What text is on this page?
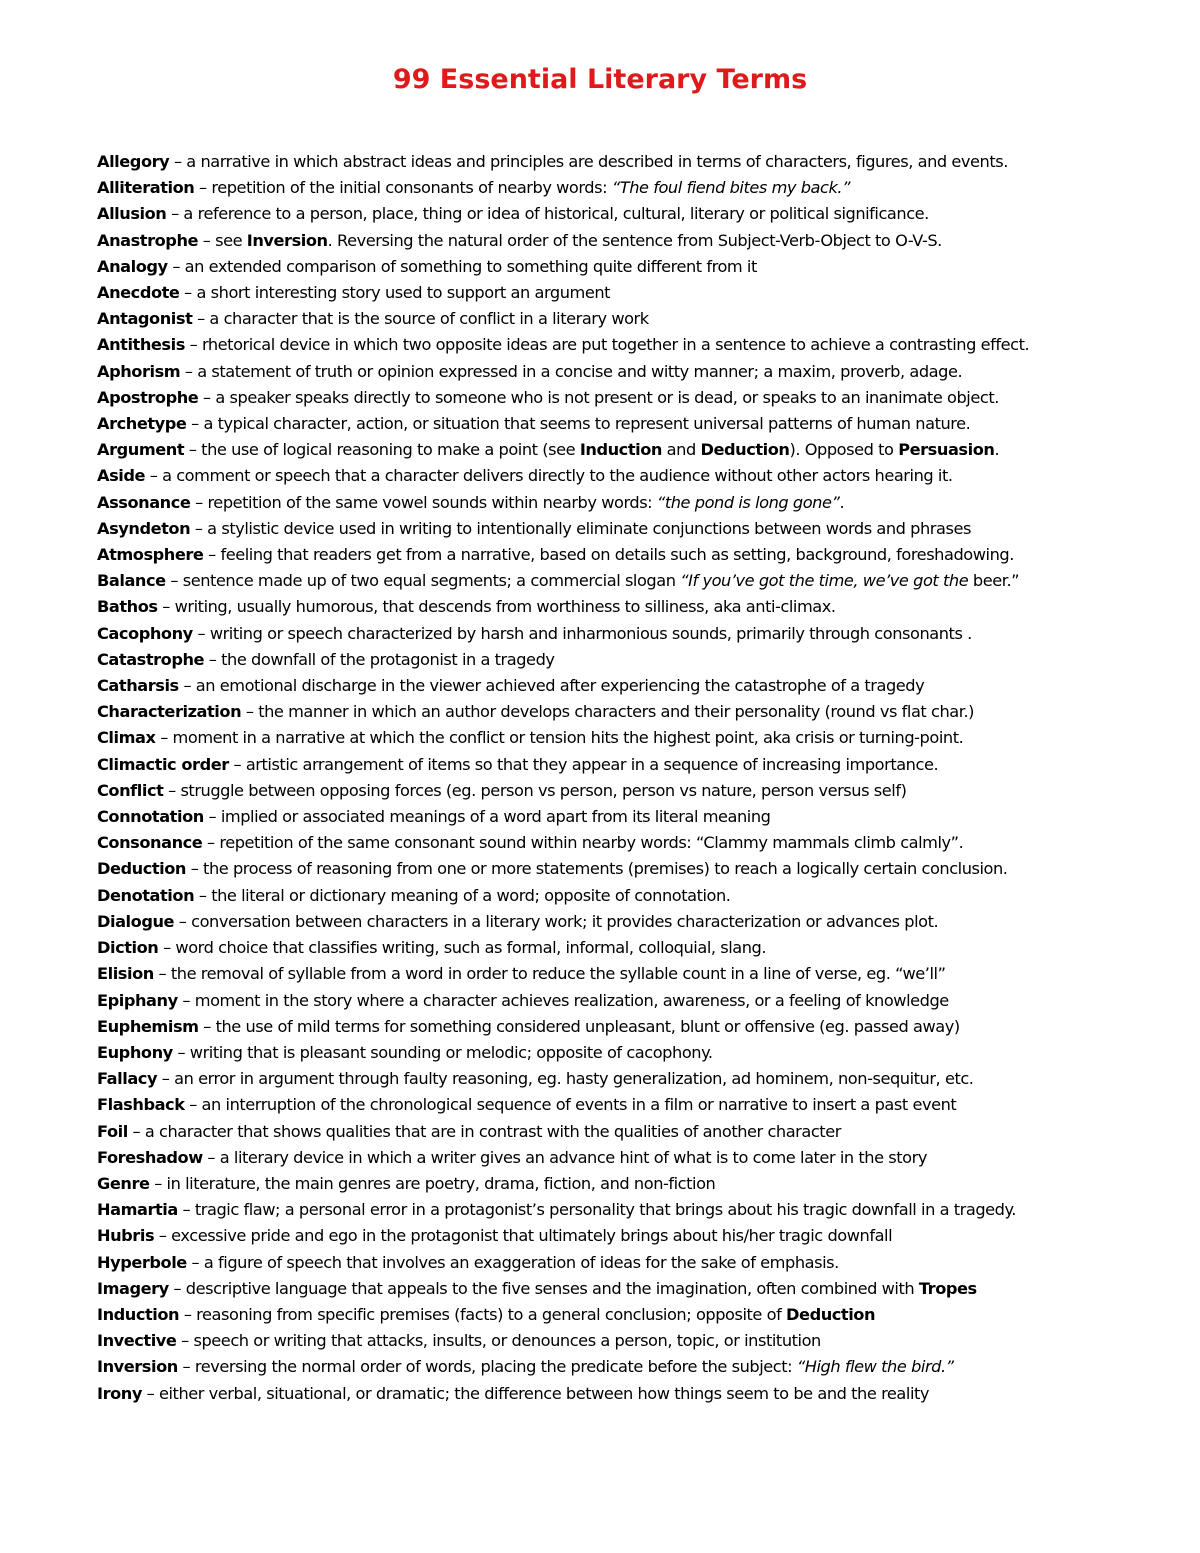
99 Essential Literary Terms
Allegory – a narrative in which abstract ideas and principles are described in terms of characters, figures, and events.
Alliteration – repetition of the initial consonants of nearby words: “The foul fiend bites my back.”
Allusion – a reference to a person, place, thing or idea of historical, cultural, literary or political significance.
Anastrophe – see Inversion. Reversing the natural order of the sentence from Subject-Verb-Object to O-V-S.
Analogy – an extended comparison of something to something quite different from it
Anecdote – a short interesting story used to support an argument
Antagonist – a character that is the source of conflict in a literary work
Antithesis – rhetorical device in which two opposite ideas are put together in a sentence to achieve a contrasting effect.
Aphorism – a statement of truth or opinion expressed in a concise and witty manner; a maxim, proverb, adage.
Apostrophe – a speaker speaks directly to someone who is not present or is dead, or speaks to an inanimate object.
Archetype – a typical character, action, or situation that seems to represent universal patterns of human nature.
Argument – the use of logical reasoning to make a point (see Induction and Deduction). Opposed to Persuasion.
Aside – a comment or speech that a character delivers directly to the audience without other actors hearing it.
Assonance – repetition of the same vowel sounds within nearby words: “the pond is long gone”.
Asyndeton – a stylistic device used in writing to intentionally eliminate conjunctions between words and phrases
Atmosphere – feeling that readers get from a narrative, based on details such as setting, background, foreshadowing.
Balance – sentence made up of two equal segments; a commercial slogan “If you’ve got the time, we’ve got the beer.”
Bathos – writing, usually humorous, that descends from worthiness to silliness, aka anti-climax.
Cacophony – writing or speech characterized by harsh and inharmonious sounds, primarily through consonants .
Catastrophe – the downfall of the protagonist in a tragedy
Catharsis – an emotional discharge in the viewer achieved after experiencing the catastrophe of a tragedy
Characterization – the manner in which an author develops characters and their personality (round vs flat char.)
Climax – moment in a narrative at which the conflict or tension hits the highest point, aka crisis or turning-point.
Climactic order – artistic arrangement of items so that they appear in a sequence of increasing importance.
Conflict – struggle between opposing forces (eg. person vs person, person vs nature, person versus self)
Connotation – implied or associated meanings of a word apart from its literal meaning
Consonance – repetition of the same consonant sound within nearby words: “Clammy mammals climb calmly”.
Deduction – the process of reasoning from one or more statements (premises) to reach a logically certain conclusion.
Denotation – the literal or dictionary meaning of a word; opposite of connotation.
Dialogue – conversation between characters in a literary work; it provides characterization or advances plot.
Diction – word choice that classifies writing, such as formal, informal, colloquial, slang.
Elision – the removal of syllable from a word in order to reduce the syllable count in a line of verse, eg. “we’ll”
Epiphany – moment in the story where a character achieves realization, awareness, or a feeling of knowledge
Euphemism – the use of mild terms for something considered unpleasant, blunt or offensive (eg. passed away)
Euphony – writing that is pleasant sounding or melodic; opposite of cacophony.
Fallacy – an error in argument through faulty reasoning, eg. hasty generalization, ad hominem, non-sequitur, etc.
Flashback – an interruption of the chronological sequence of events in a film or narrative to insert a past event
Foil – a character that shows qualities that are in contrast with the qualities of another character
Foreshadow – a literary device in which a writer gives an advance hint of what is to come later in the story
Genre – in literature, the main genres are poetry, drama, fiction, and non-fiction
Hamartia – tragic flaw; a personal error in a protagonist’s personality that brings about his tragic downfall in a tragedy.
Hubris – excessive pride and ego in the protagonist that ultimately brings about his/her tragic downfall
Hyperbole – a figure of speech that involves an exaggeration of ideas for the sake of emphasis.
Imagery – descriptive language that appeals to the five senses and the imagination, often combined with Tropes
Induction – reasoning from specific premises (facts) to a general conclusion; opposite of Deduction
Invective – speech or writing that attacks, insults, or denounces a person, topic, or institution
Inversion – reversing the normal order of words, placing the predicate before the subject: “High flew the bird.”
Irony – either verbal, situational, or dramatic; the difference between how things seem to be and the reality
